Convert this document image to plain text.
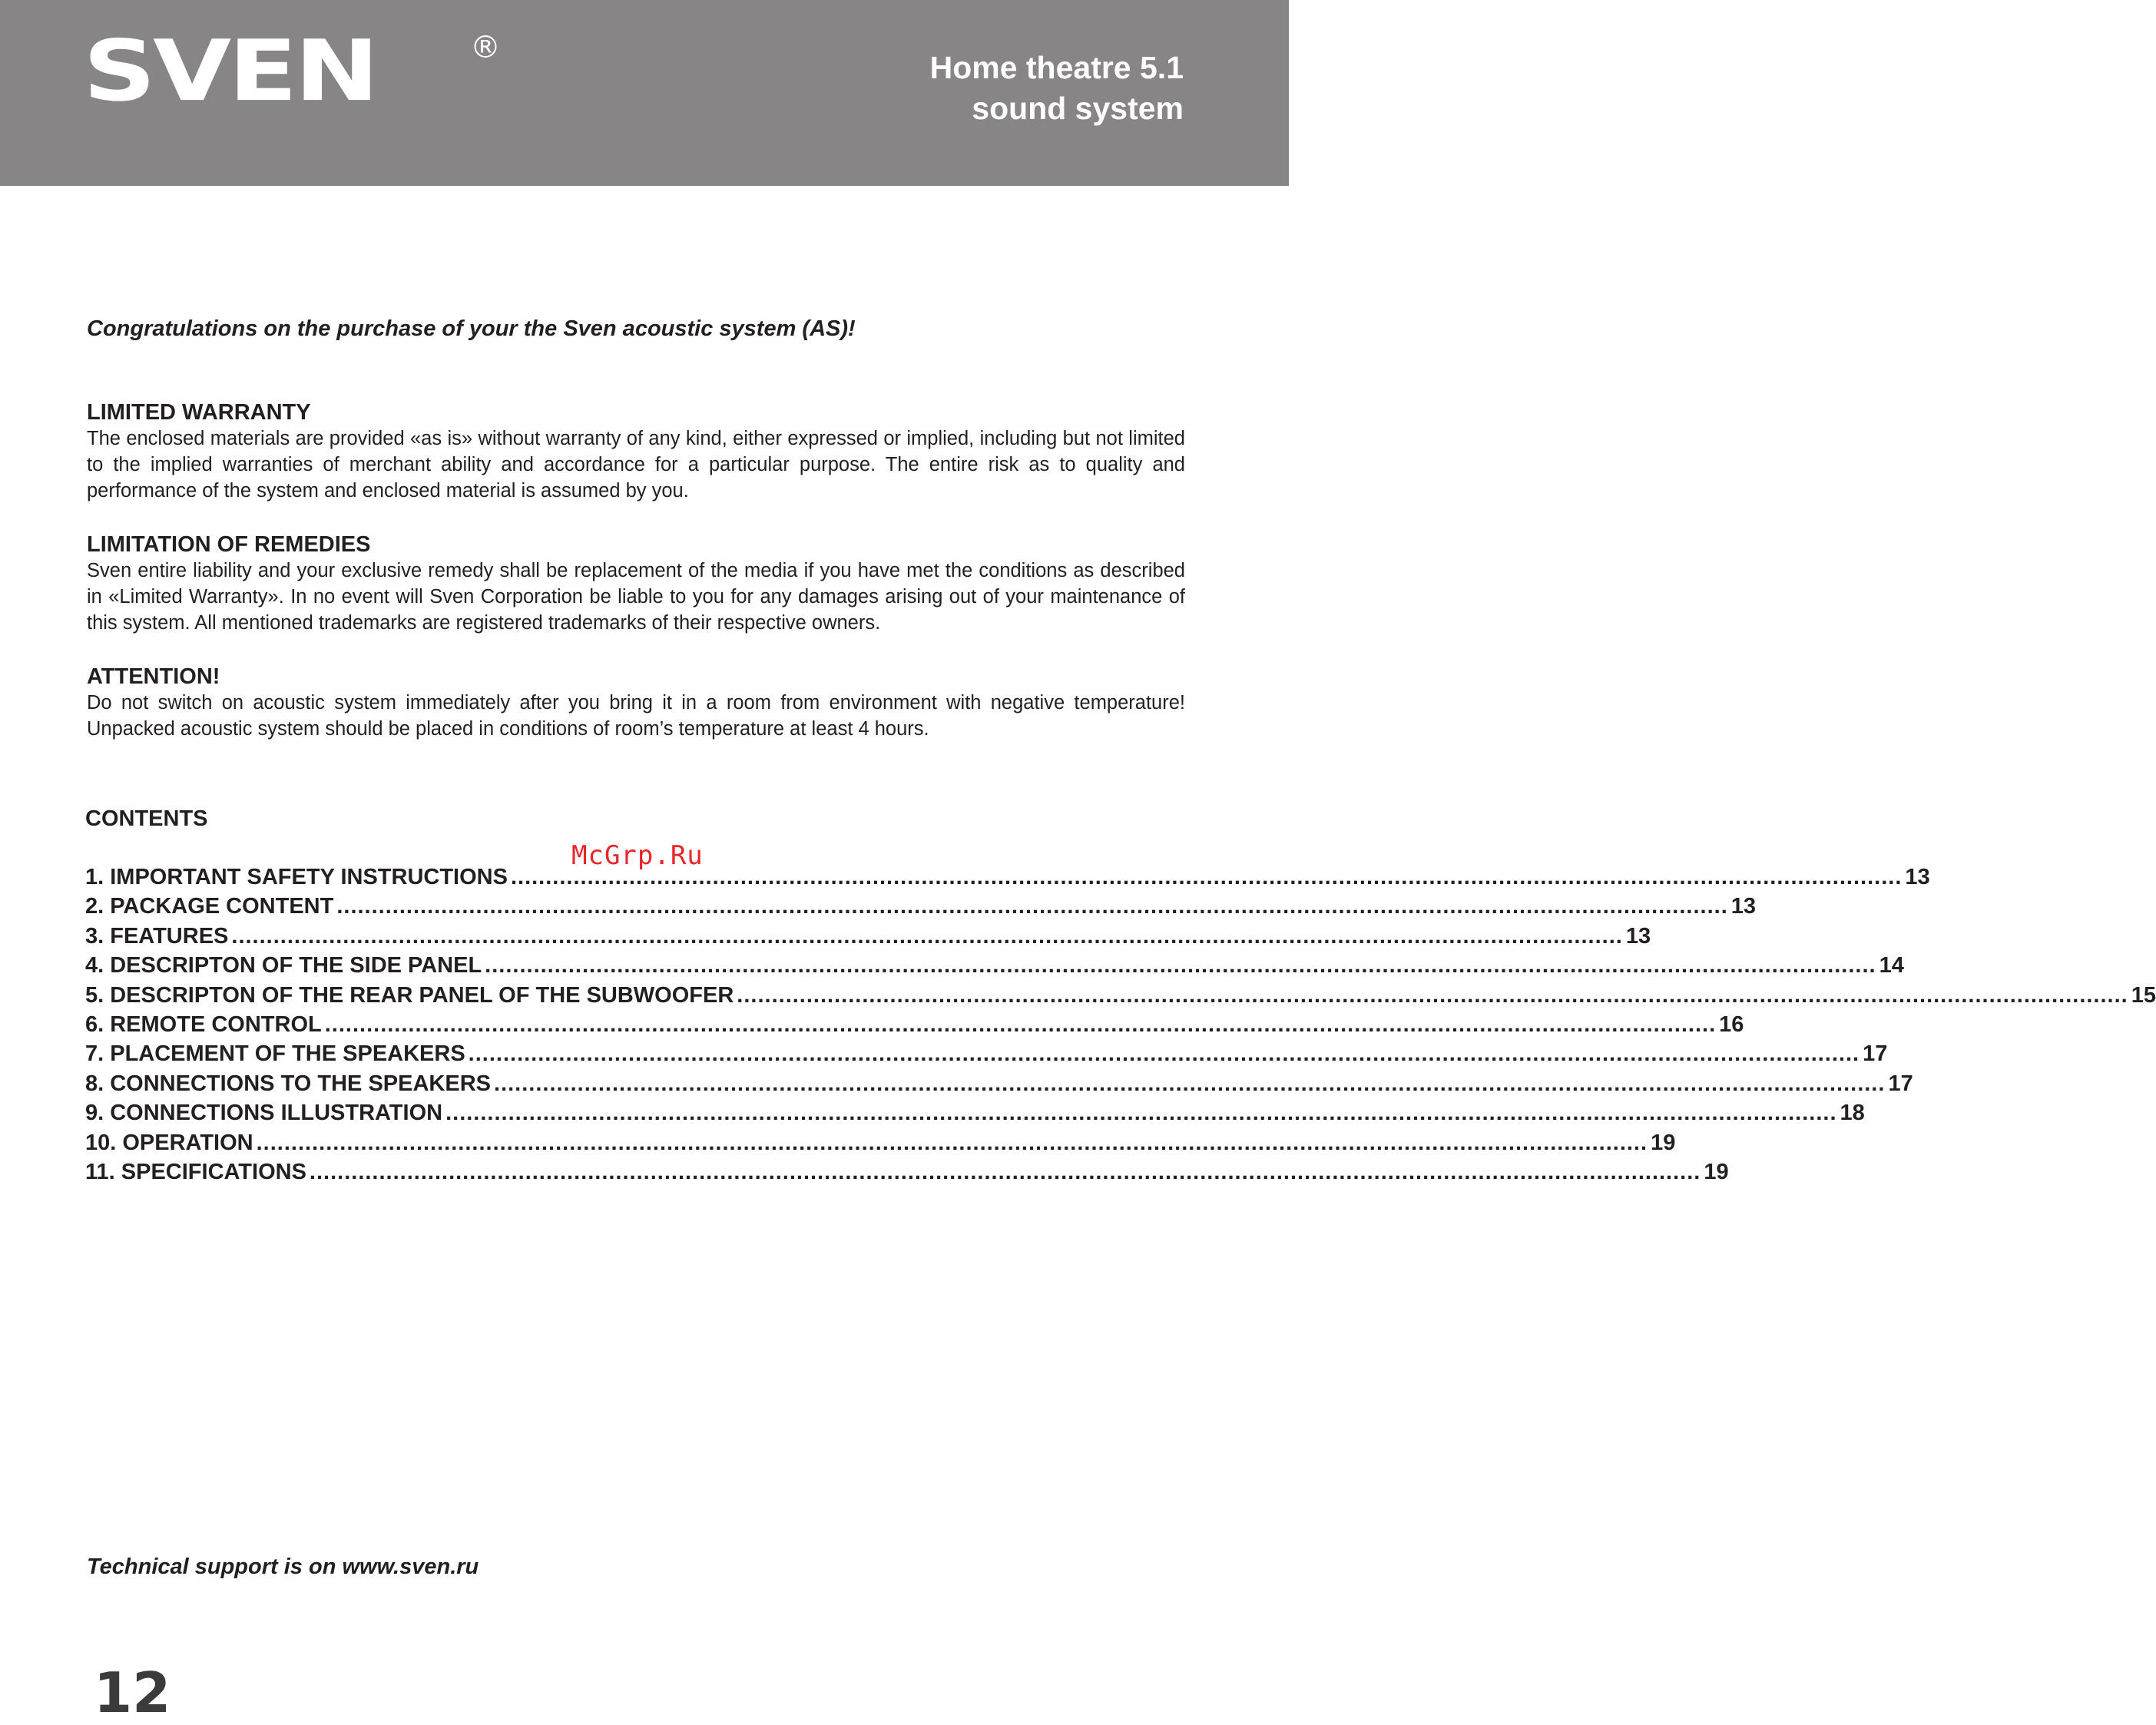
SVEN	®
Home theatre 5.1
sound system
Congratulations on the purchase of your the Sven acoustic system (AS)!
LIMITED WARRANTY
The enclosed materials are provided «as is» without warranty of any kind, either expressed or implied, including but not limited to the implied warranties of merchant ability and accordance for a particular purpose. The entire risk as to quality and performance of the system and enclosed material is assumed by you.
LIMITATION OF REMEDIES
Sven entire liability and your exclusive remedy shall be replacement of the media if you have met the conditions as described in «Limited Warranty». In no event will Sven Corporation be liable to you for any damages arising out of your maintenance of this system. All mentioned trademarks are registered trademarks of their respective owners.
ATTENTION!
Do not switch on acoustic system immediately after you bring it in a room from environment with negative temperature! Unpacked acoustic system should be placed in conditions of room’s temperature at least 4 hours.
CONTENTS
McGrp.Ru
1. IMPORTANT SAFETY INSTRUCTIONS ........................................................................................................................................................................................................ 13
2. PACKAGE CONTENT ........................................................................................................................................................................................................ 13
3. FEATURES ........................................................................................................................................................................................................ 13
4. DESCRIPTON OF THE SIDE PANEL ........................................................................................................................................................................................................ 14
5. DESCRIPTON OF THE REAR PANEL OF THE SUBWOOFER ........................................................................................................................................................................................................ 15
6. REMOTE CONTROL ........................................................................................................................................................................................................ 16
7. PLACEMENT OF THE SPEAKERS ........................................................................................................................................................................................................ 17
8. CONNECTIONS TO THE SPEAKERS ........................................................................................................................................................................................................ 17
9. CONNECTIONS ILLUSTRATION ........................................................................................................................................................................................................ 18
10. OPERATION ........................................................................................................................................................................................................ 19
11. SPECIFICATIONS ........................................................................................................................................................................................................ 19
Technical support is on www.sven.ru
12
